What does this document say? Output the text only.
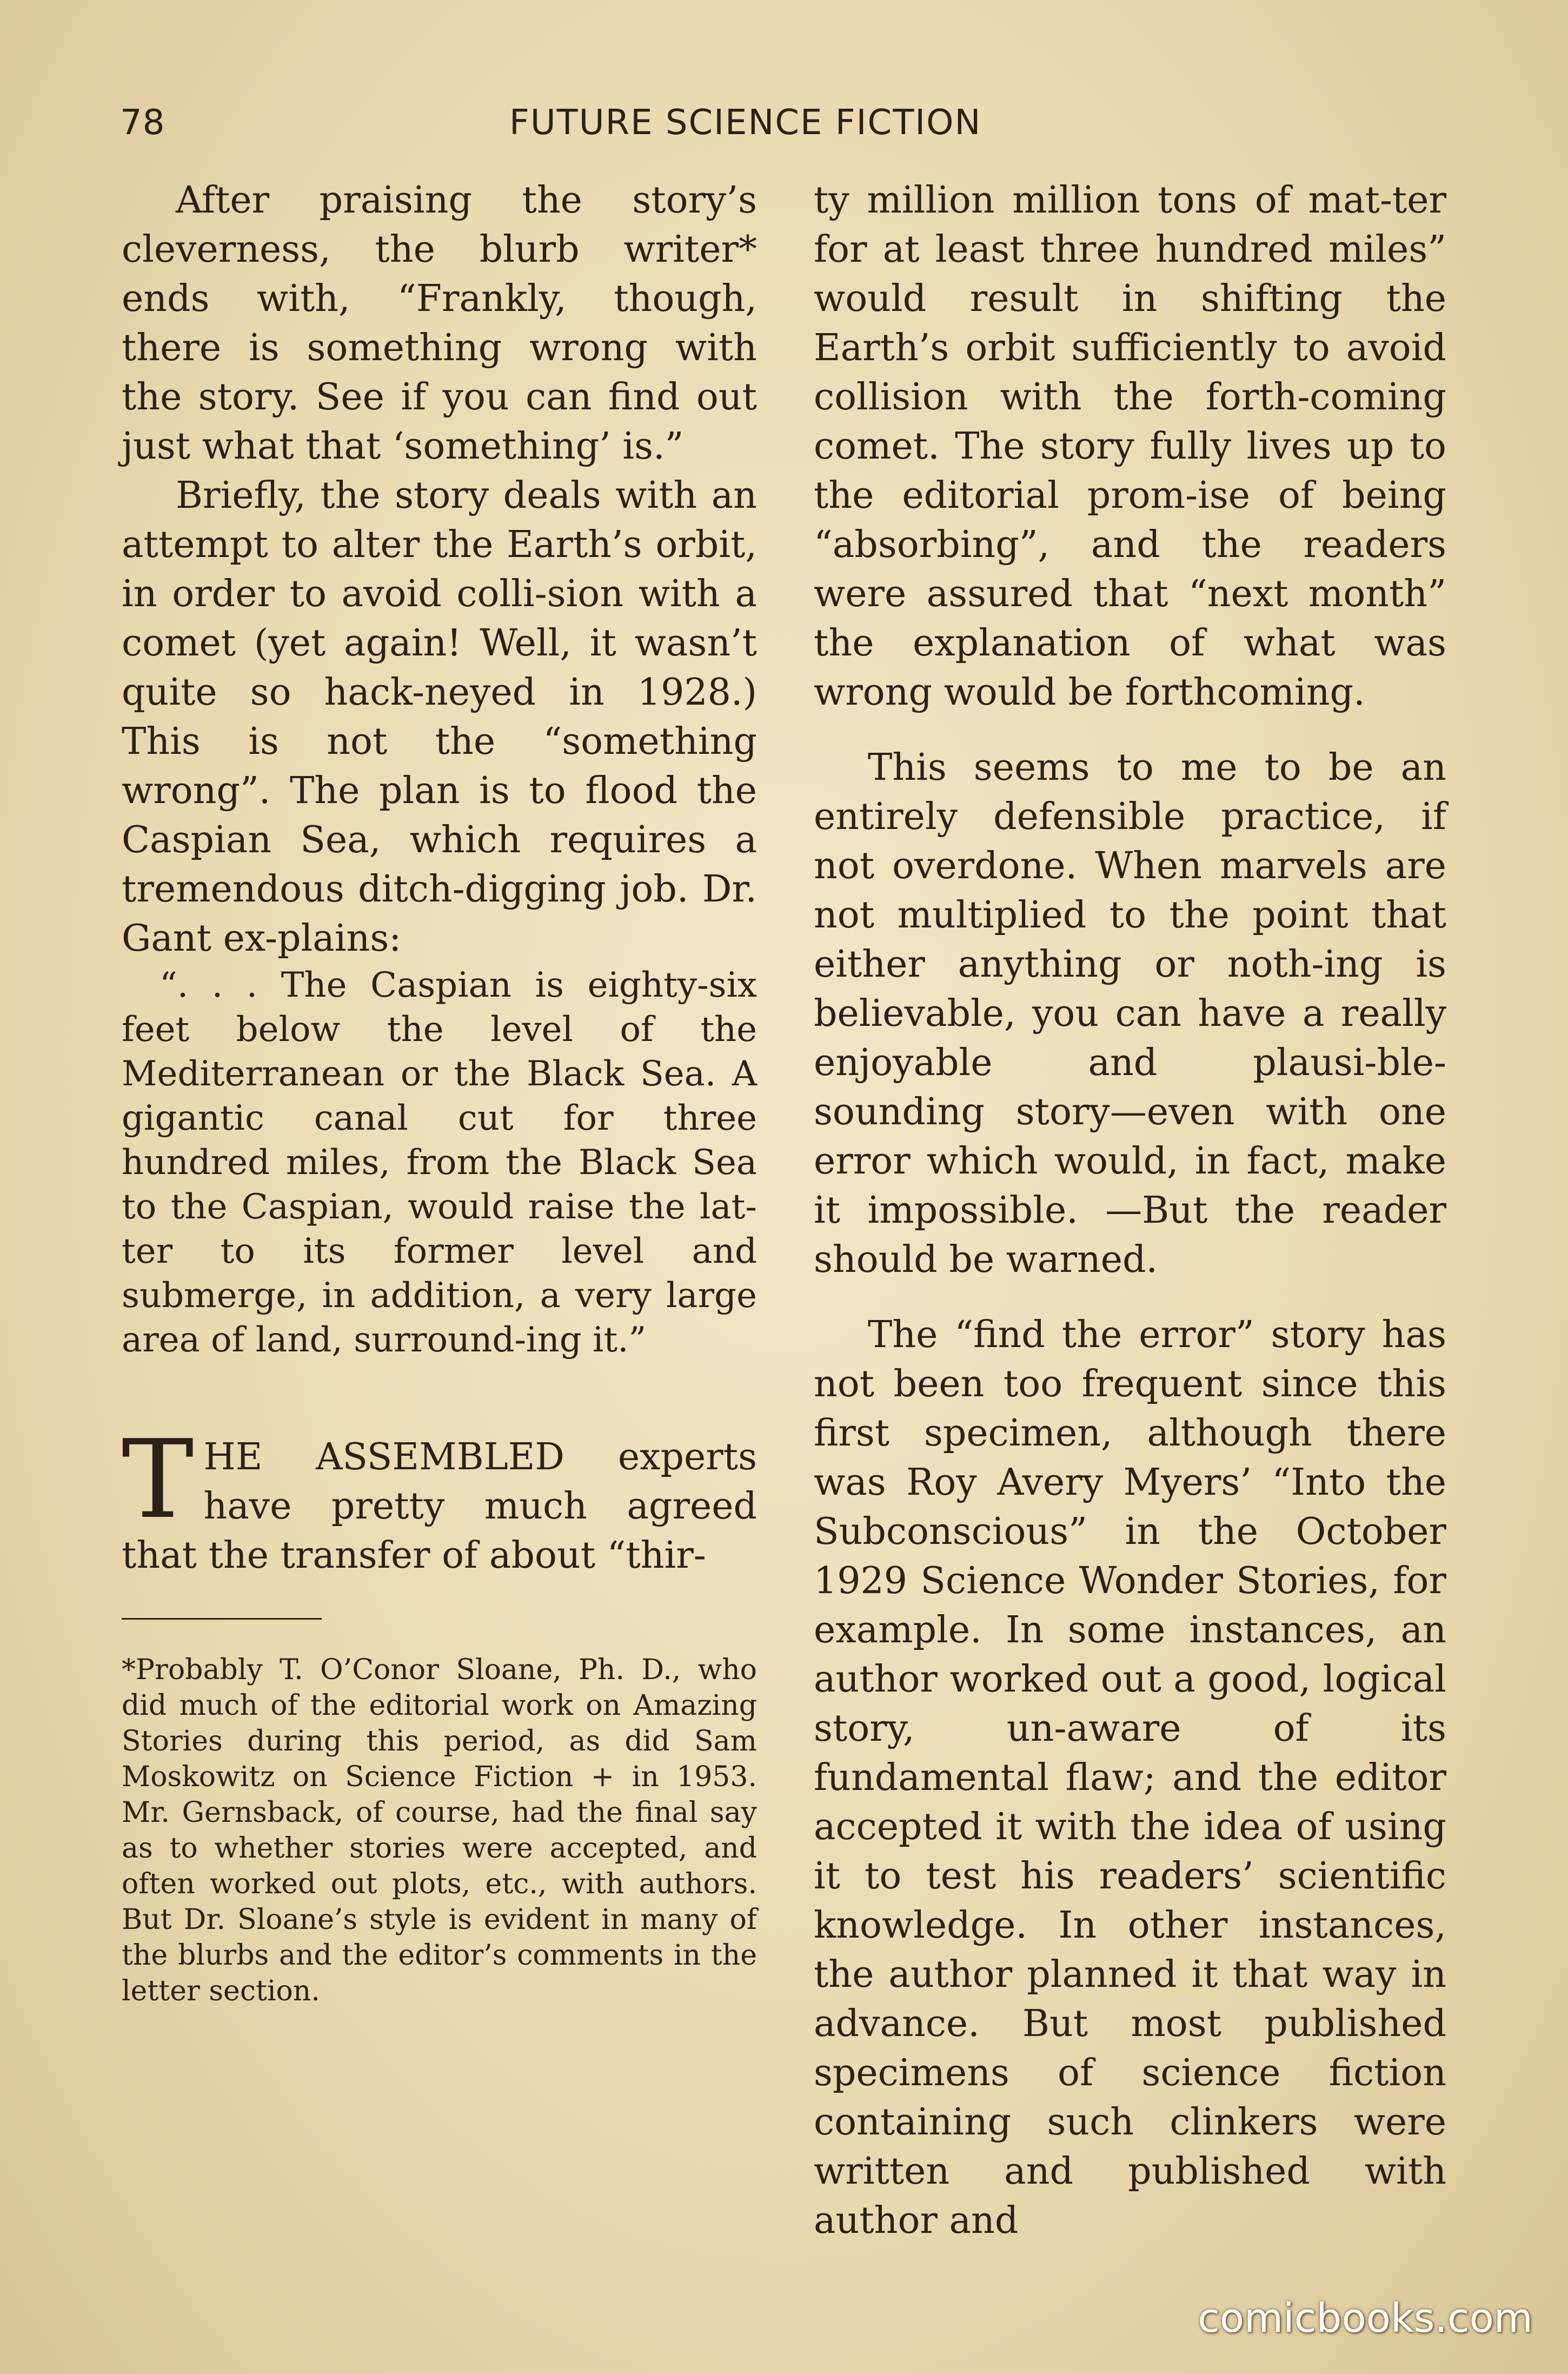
78	FUTURE SCIENCE FICTION

After praising the story’s cleverness, the blurb writer* ends with, “Frankly, though, there is something wrong with the story. See if you can find out just what that ‘something’ is.”

Briefly, the story deals with an attempt to alter the Earth’s orbit, in order to avoid colli-sion with a comet (yet again! Well, it wasn’t quite so hack-neyed in 1928.) This is not the “something wrong”. The plan is to flood the Caspian Sea, which requires a tremendous ditch-digging job. Dr. Gant ex-plains:

“. . . The Caspian is eighty-six feet below the level of the Mediterranean or the Black Sea. A gigantic canal cut for three hundred miles, from the Black Sea to the Caspian, would raise the lat-ter to its former level and submerge, in addition, a very large area of land, surround-ing it.”

T HE ASSEMBLED experts have pretty much agreed that the transfer of about “thir-

*Probably T. O’Conor Sloane, Ph. D., who did much of the editorial work on Amazing Stories during this period, as did Sam Moskowitz on Science Fiction + in 1953. Mr. Gernsback, of course, had the final say as to whether stories were accepted, and often worked out plots, etc., with authors. But Dr. Sloane’s style is evident in many of the blurbs and the editor’s comments in the letter section.

ty million million tons of mat-ter for at least three hundred miles” would result in shifting the Earth’s orbit sufficiently to avoid collision with the forth-coming comet. The story fully lives up to the editorial prom-ise of being “absorbing”, and the readers were assured that “next month” the explanation of what was wrong would be forthcoming.

This seems to me to be an entirely defensible practice, if not overdone. When marvels are not multiplied to the point that either anything or noth-ing is believable, you can have a really enjoyable and plausi-ble-sounding story—even with one error which would, in fact, make it impossible. —But the reader should be warned.

The “find the error” story has not been too frequent since this first specimen, although there was Roy Avery Myers’ “Into the Subconscious” in the October 1929 Science Wonder Stories, for example. In some instances, an author worked out a good, logical story, un-aware of its fundamental flaw; and the editor accepted it with the idea of using it to test his readers’ scientific knowledge. In other instances, the author planned it that way in advance. But most published specimens of science fiction containing such clinkers were written and published with author and

comicbooks.com
